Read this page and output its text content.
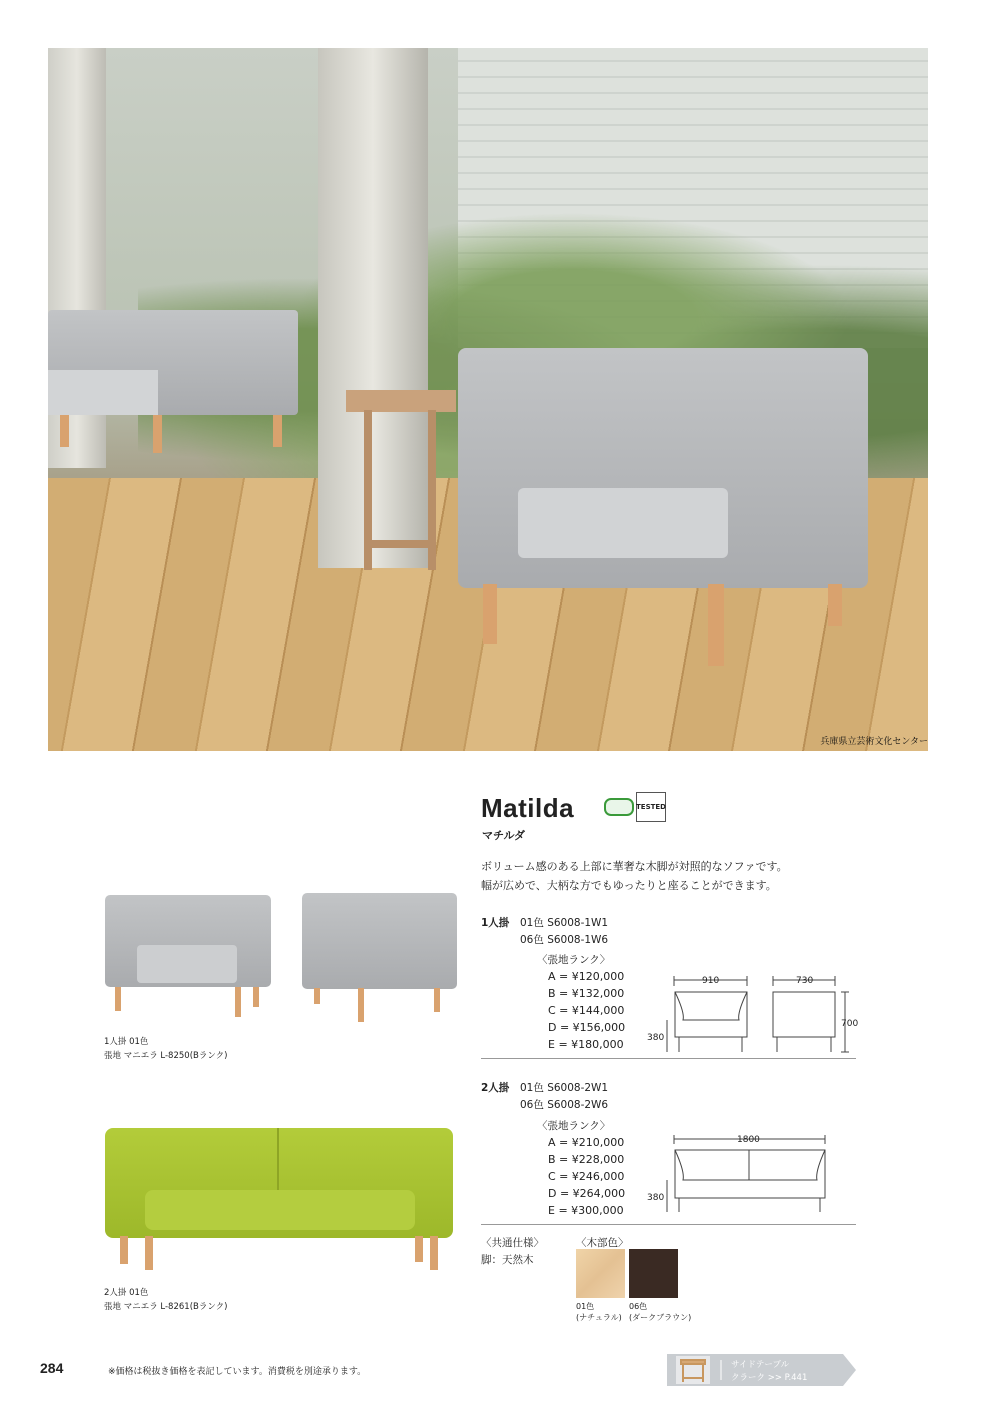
兵庫県立芸術文化センター
Matilda
マチルダ
TESTED
ボリューム感のある上部に華奢な木脚が対照的なソファです。
幅が広めで、大柄な方でもゆったりと座ることができます。
1人掛 01色
張地 マニエラ L-8250(Bランク)
2人掛 01色
張地 マニエラ L-8261(Bランク)
1人掛 01色 S6008-1W1
06色 S6008-1W6
〈張地ランク〉
A = ¥120,000
B = ¥132,000
C = ¥144,000
D = ¥156,000
E = ¥180,000
910	730
700
380
2人掛 01色 S6008-2W1
06色 S6008-2W6
〈張地ランク〉
A = ¥210,000
B = ¥228,000
C = ¥246,000
D = ¥264,000
E = ¥300,000
1800
380
〈共通仕様〉
脚：天然木
〈木部色〉
01色
(ナチュラル)
06色
(ダークブラウン)
284	※価格は税抜き価格を表記しています。消費税を別途承ります。
サイドテーブル
クラーク >> P.441
